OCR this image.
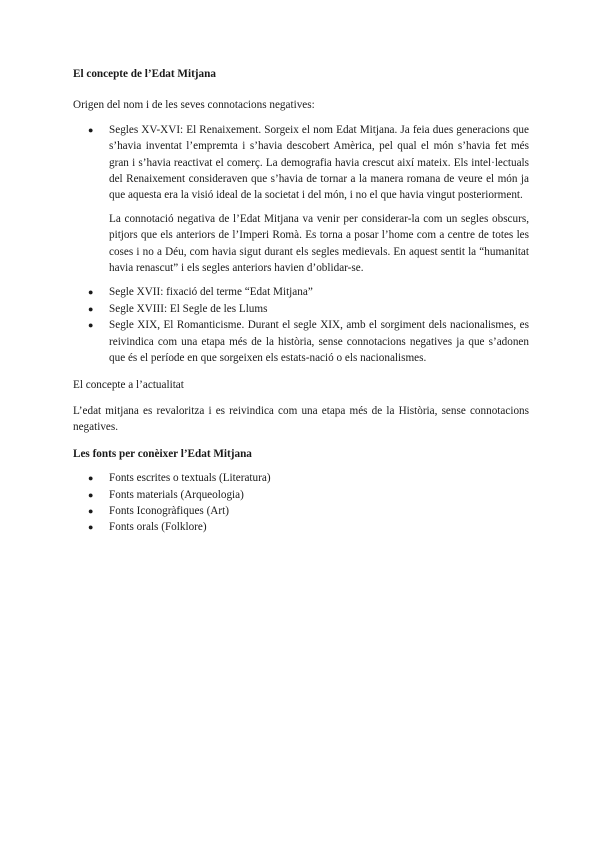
El concepte de l’Edat Mitjana

Origen del nom i de les seves connotacions negatives:

● Segles XV-XVI: El Renaixement. Sorgeix el nom Edat Mitjana. Ja feia dues generacions que s’havia inventat l’empremta i s’havia descobert Amèrica, pel qual el món s’havia fet més gran i s’havia reactivat el comerç. La demografia havia crescut així mateix. Els intel·lectuals del Renaixement consideraven que s’havia de tornar a la manera romana de veure el món ja que aquesta era la visió ideal de la societat i del món, i no el que havia vingut posteriorment.
La connotació negativa de l’Edat Mitjana va venir per considerar-la com un segles obscurs, pitjors que els anteriors de l’Imperi Romà. Es torna a posar l’home com a centre de totes les coses i no a Déu, com havia sigut durant els segles medievals. En aquest sentit la “humanitat havia renascut” i els segles anteriors havien d’oblidar-se.
● Segle XVII: fixació del terme “Edat Mitjana”
● Segle XVIII: El Segle de les Llums
● Segle XIX, El Romanticisme. Durant el segle XIX, amb el sorgiment dels nacionalismes, es reivindica com una etapa més de la història, sense connotacions negatives ja que s’adonen que és el període en que sorgeixen els estats-nació o els nacionalismes.

El concepte a l’actualitat

L’edat mitjana es revaloritza i es reivindica com una etapa més de la Història, sense connotacions negatives.

Les fonts per conèixer l’Edat Mitjana
● Fonts escrites o textuals (Literatura)
● Fonts materials (Arqueologia)
● Fonts Iconogràfiques (Art)
● Fonts orals (Folklore)
